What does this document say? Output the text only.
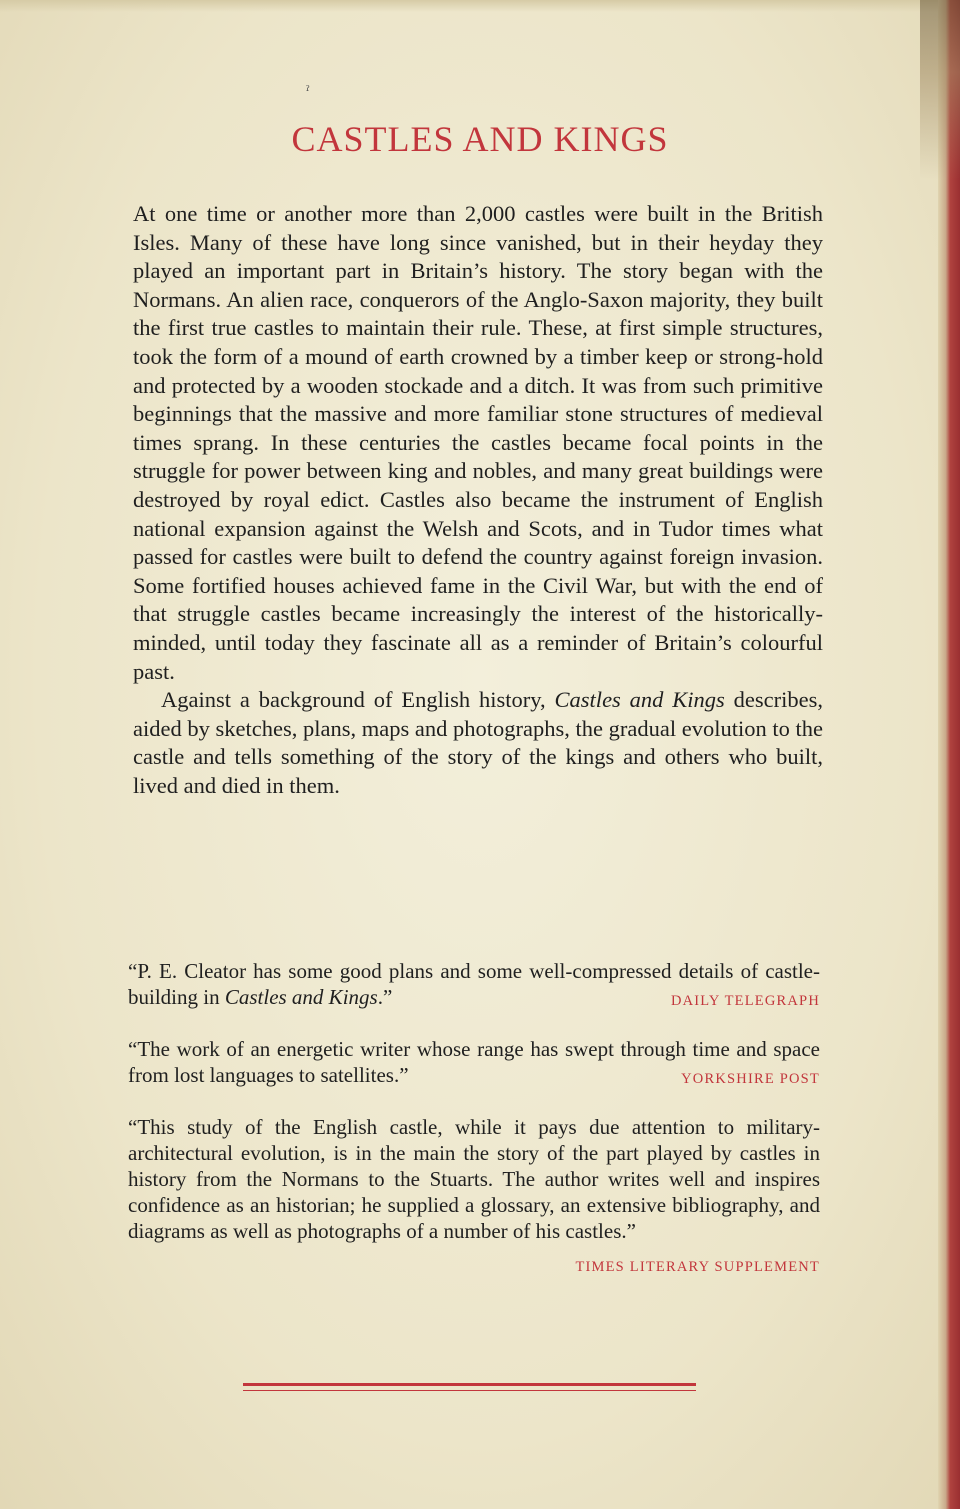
ˀ
CASTLES AND KINGS

At one time or another more than 2,000 castles were built in the British Isles. Many of these have long since vanished, but in their heyday they played an important part in Britain’s history. The story began with the Normans. An alien race, conquerors of the Anglo-Saxon majority, they built the first true castles to maintain their rule. These, at first simple structures, took the form of a mound of earth crowned by a timber keep or strong-hold and protected by a wooden stockade and a ditch. It was from such primitive beginnings that the massive and more familiar stone structures of medieval times sprang. In these centuries the castles became focal points in the struggle for power between king and nobles, and many great buildings were destroyed by royal edict. Castles also became the instrument of English national expansion against the Welsh and Scots, and in Tudor times what passed for castles were built to defend the country against foreign invasion. Some fortified houses achieved fame in the Civil War, but with the end of that struggle castles became increasingly the interest of the historically-minded, until today they fascinate all as a reminder of Britain’s colourful past.

Against a background of English history, Castles and Kings describes, aided by sketches, plans, maps and photographs, the gradual evolution to the castle and tells something of the story of the kings and others who built, lived and died in them.

“P. E. Cleator has some good plans and some well-compressed details of castle-building in Castles and Kings.”	DAILY TELEGRAPH
“The work of an energetic writer whose range has swept through time and space from lost languages to satellites.”	YORKSHIRE POST
“This study of the English castle, while it pays due attention to military-architectural evolution, is in the main the story of the part played by castles in history from the Normans to the Stuarts. The author writes well and inspires confidence as an historian; he supplied a glossary, an extensive bibliography, and diagrams as well as photographs of a number of his castles.”
TIMES LITERARY SUPPLEMENT
